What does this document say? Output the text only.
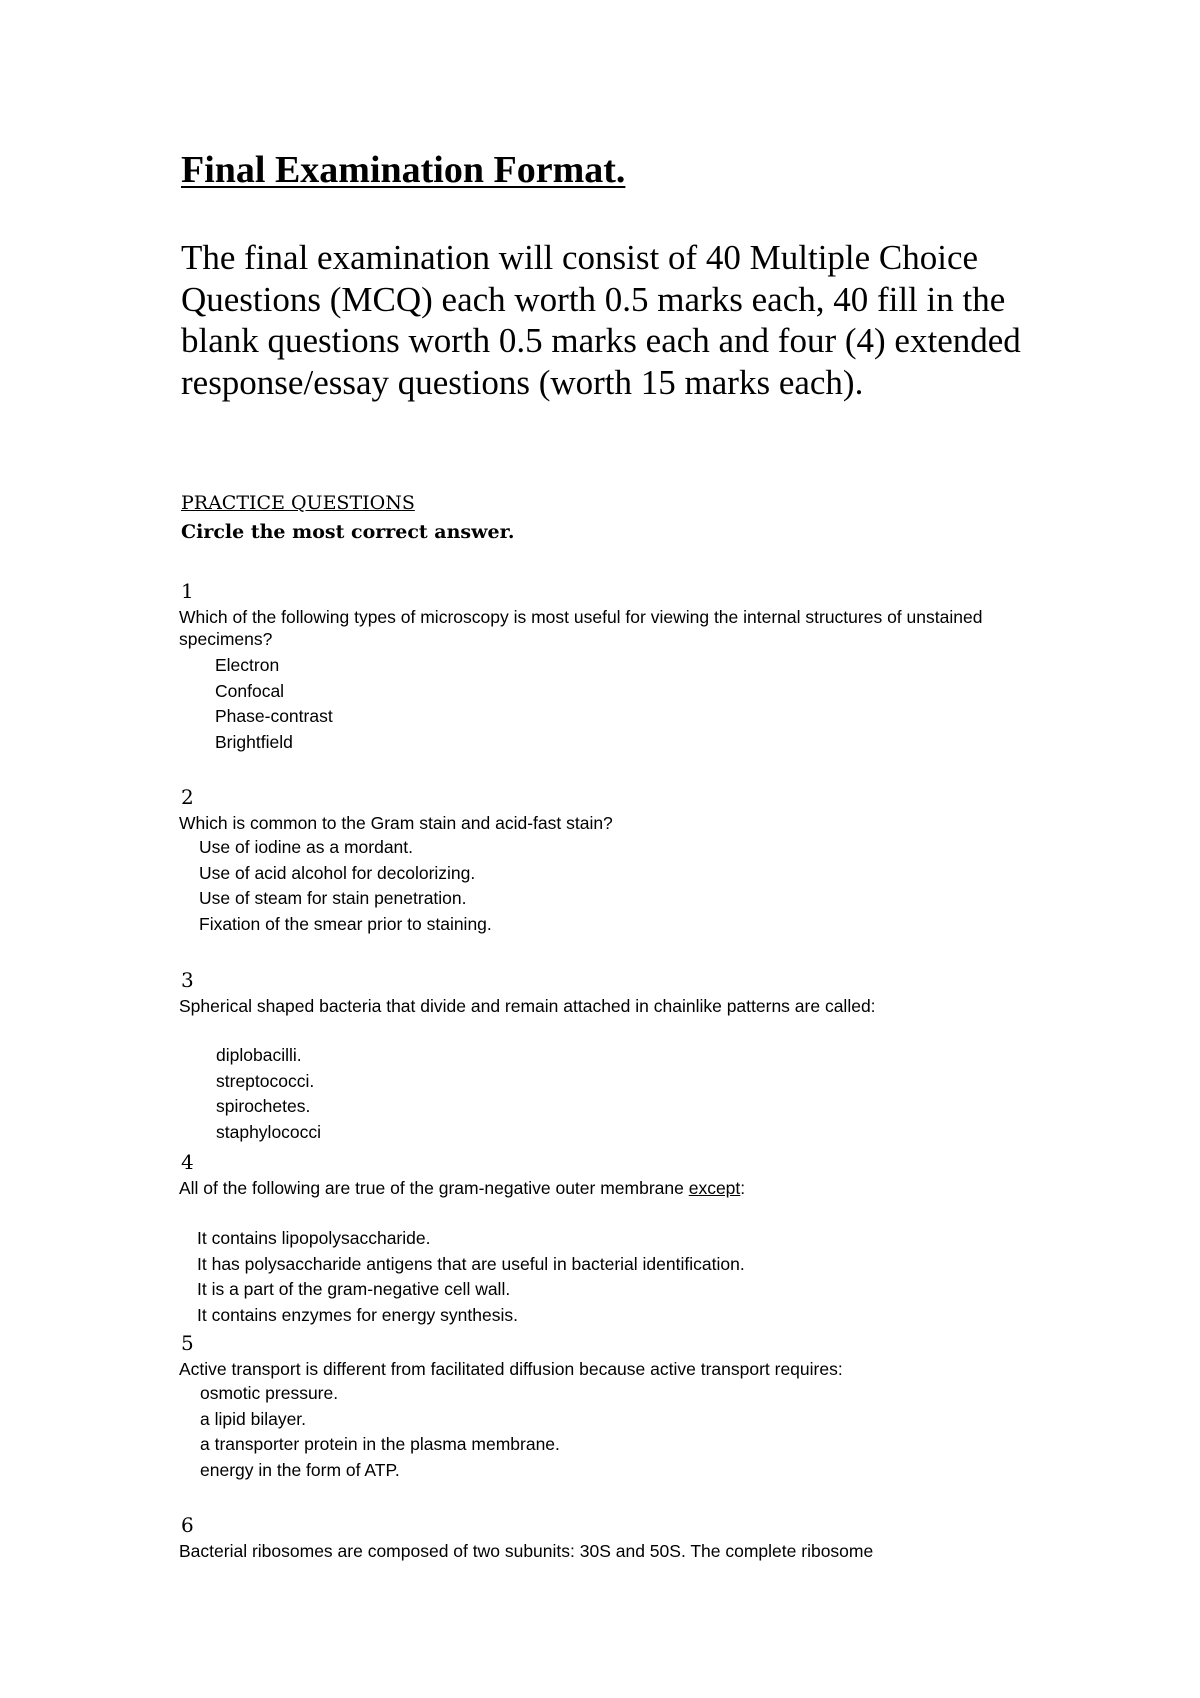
Final Examination Format.

The final examination will consist of 40 Multiple Choice Questions (MCQ) each worth 0.5 marks each, 40 fill in the blank questions worth 0.5 marks each and four (4) extended response/essay questions (worth 15 marks each).

PRACTICE QUESTIONS
Circle the most correct answer.
1

Which of the following types of microscopy is most useful for viewing the internal structures of unstained specimens?

Electron
Confocal
Phase-contrast
Brightfield
2

Which is common to the Gram stain and acid-fast stain?

Use of iodine as a mordant.
Use of acid alcohol for decolorizing.
Use of steam for stain penetration.
Fixation of the smear prior to staining.
3

Spherical shaped bacteria that divide and remain attached in chainlike patterns are called:

diplobacilli.
streptococci.
spirochetes.
staphylococci
4

All of the following are true of the gram-negative outer membrane except:

It contains lipopolysaccharide.
It has polysaccharide antigens that are useful in bacterial identification.
It is a part of the gram-negative cell wall.
It contains enzymes for energy synthesis.
5

Active transport is different from facilitated diffusion because active transport requires:

osmotic pressure.
a lipid bilayer.
a transporter protein in the plasma membrane.
energy in the form of ATP.
6

Bacterial ribosomes are composed of two subunits: 30S and 50S. The complete ribosome
